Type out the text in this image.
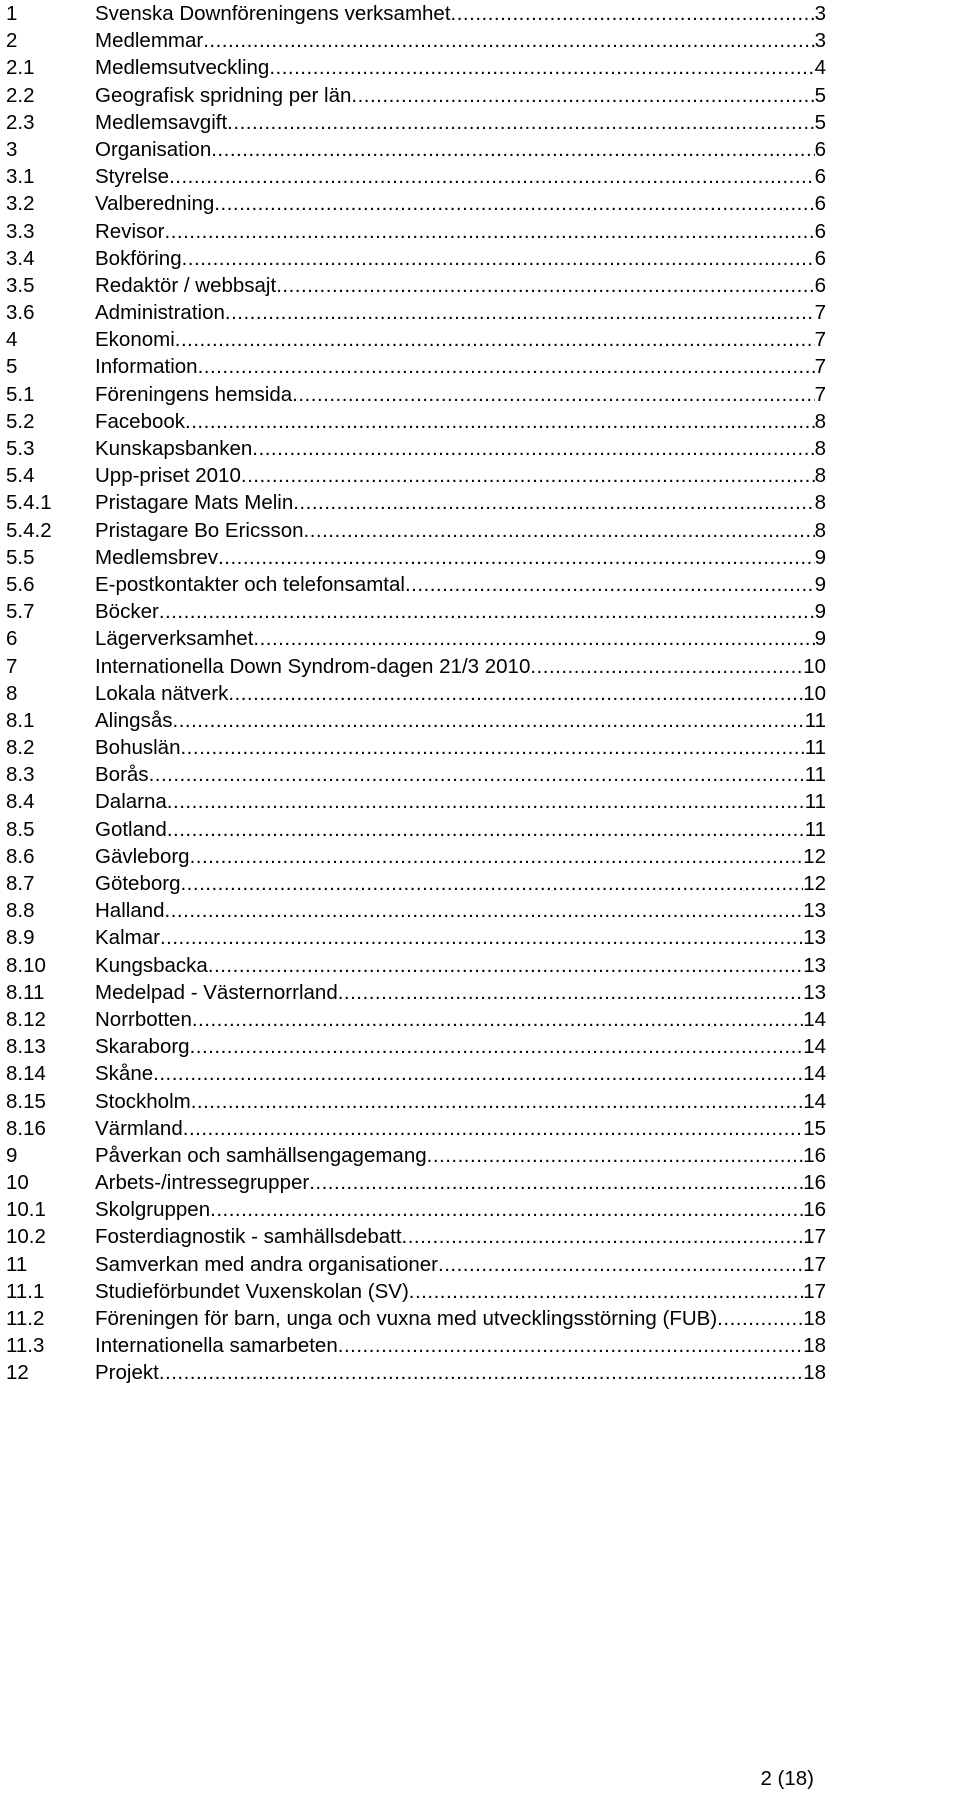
1	Svenska Downföreningens verksamhet .....	3
2	Medlemmar .....	3
2.1	Medlemsutveckling .....	4
2.2	Geografisk spridning per län .....	5
2.3	Medlemsavgift .....	5
3	Organisation .....	6
3.1	Styrelse .....	6
3.2	Valberedning .....	6
3.3	Revisor .....	6
3.4	Bokföring .....	6
3.5	Redaktör / webbsajt .....	6
3.6	Administration .....	7
4	Ekonomi .....	7
5	Information .....	7
5.1	Föreningens hemsida .....	7
5.2	Facebook .....	8
5.3	Kunskapsbanken .....	8
5.4	Upp-priset 2010 .....	8
5.4.1	Pristagare Mats Melin .....	8
5.4.2	Pristagare Bo Ericsson .....	8
5.5	Medlemsbrev .....	9
5.6	E-postkontakter och telefonsamtal .....	9
5.7	Böcker .....	9
6	Lägerverksamhet .....	9
7	Internationella Down Syndrom-dagen 21/3 2010 .....	10
8	Lokala nätverk .....	10
8.1	Alingsås .....	11
8.2	Bohuslän .....	11
8.3	Borås .....	11
8.4	Dalarna .....	11
8.5	Gotland .....	11
8.6	Gävleborg .....	12
8.7	Göteborg .....	12
8.8	Halland .....	13
8.9	Kalmar .....	13
8.10	Kungsbacka .....	13
8.11	Medelpad - Västernorrland .....	13
8.12	Norrbotten .....	14
8.13	Skaraborg .....	14
8.14	Skåne .....	14
8.15	Stockholm .....	14
8.16	Värmland .....	15
9	Påverkan och samhällsengagemang .....	16
10	Arbets-/intressegrupper .....	16
10.1	Skolgruppen .....	16
10.2	Fosterdiagnostik - samhällsdebatt .....	17
11	Samverkan med andra organisationer .....	17
11.1	Studieförbundet Vuxenskolan (SV) .....	17
11.2	Föreningen för barn, unga och vuxna med utvecklingsstörning (FUB) .....	18
11.3	Internationella samarbeten .....	18
12	Projekt .....	18
2 (18)
